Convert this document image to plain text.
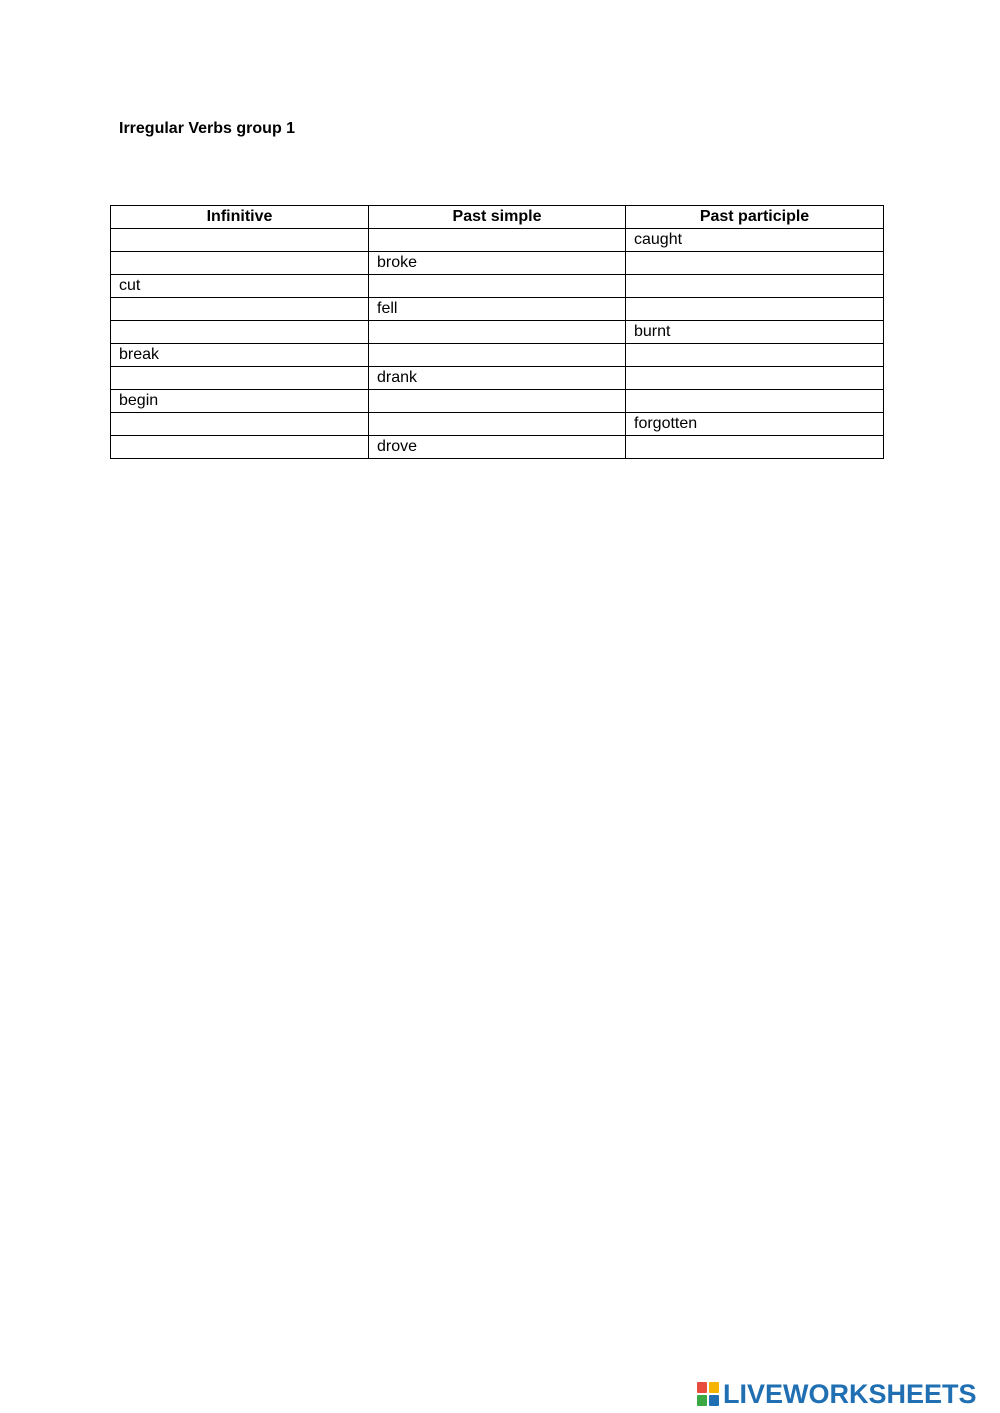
Irregular Verbs group 1
Infinitive	Past simple	Past participle
		caught
	broke	
cut		
	fell	
		burnt
break		
	drank	
begin		
		forgotten
	drove	
LIVEWORKSHEETS
